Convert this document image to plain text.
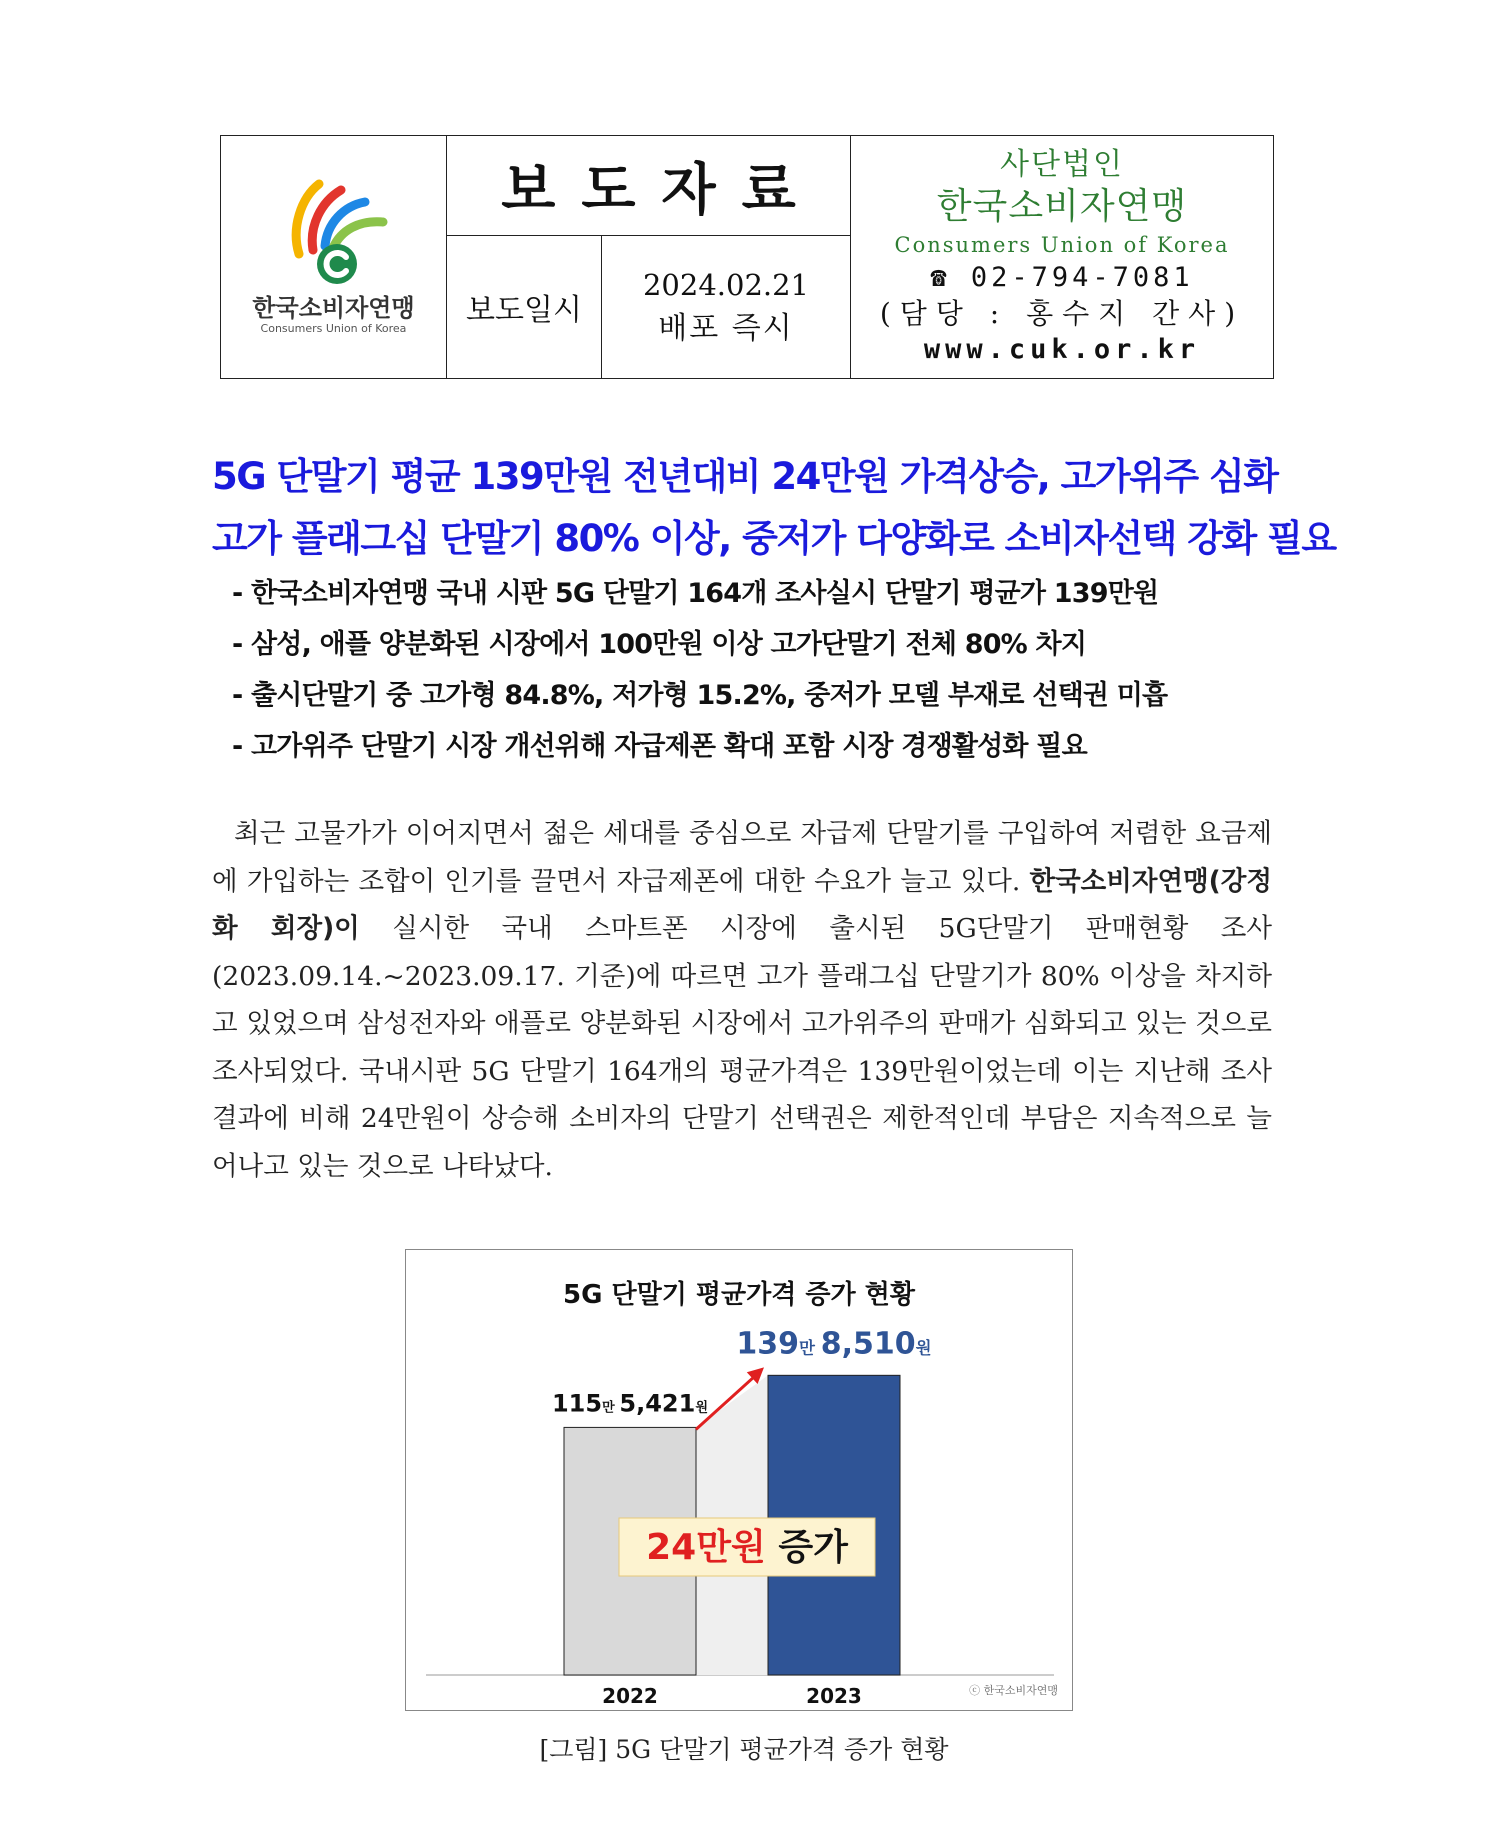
한국소비자연맹
Consumers Union of Korea
보도자료
보도일시
2024.02.21
배포 즉시
사단법인
한국소비자연맹
Consumers Union of Korea
☎ 02-794-7081
(담당 : 홍수지 간사)
www.cuk.or.kr
5G 단말기 평균 139만원 전년대비 24만원 가격상승, 고가위주 심화
고가 플래그십 단말기 80% 이상, 중저가 다양화로 소비자선택 강화 필요
- 한국소비자연맹 국내 시판 5G 단말기 164개 조사실시 단말기 평균가 139만원
- 삼성, 애플 양분화된 시장에서 100만원 이상 고가단말기 전체 80% 차지
- 출시단말기 중 고가형 84.8%, 저가형 15.2%, 중저가 모델 부재로 선택권 미흡
- 고가위주 단말기 시장 개선위해 자급제폰 확대 포함 시장 경쟁활성화 필요

최근 고물가가 이어지면서 젊은 세대를 중심으로 자급제 단말기를 구입하여 저렴한 요금제에 가입하는 조합이 인기를 끌면서 자급제폰에 대한 수요가 늘고 있다. 한국소비자연맹(강정화 회장)이 실시한 국내 스마트폰 시장에 출시된 5G단말기 판매현황 조사(2023.09.14.~2023.09.17. 기준)에 따르면 고가 플래그십 단말기가 80% 이상을 차지하고 있었으며 삼성전자와 애플로 양분화된 시장에서 고가위주의 판매가 심화되고 있는 것으로 조사되었다. 국내시판 5G 단말기 164개의 평균가격은 139만원이었는데 이는 지난해 조사결과에 비해 24만원이 상승해 소비자의 단말기 선택권은 제한적인데 부담은 지속적으로 늘어나고 있는 것으로 나타났다.

5G 단말기 평균가격 증가 현황
2022	2023
115만 5,421원
139만 8,510원
24만원 증가
ⓒ 한국소비자연맹
[그림] 5G 단말기 평균가격 증가 현황
